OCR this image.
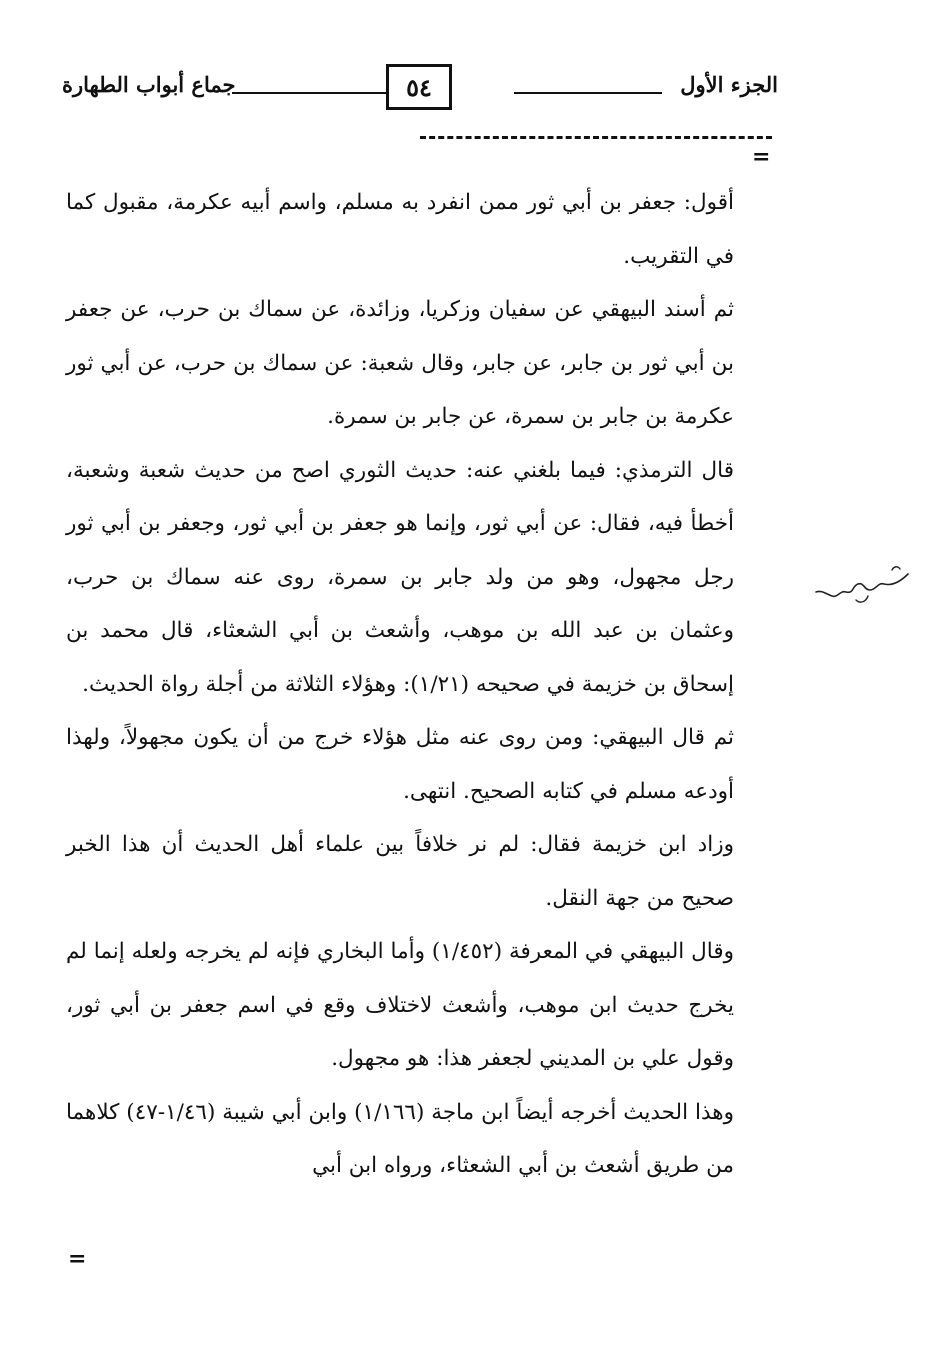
الجزء الأول
٥٤
جماع أبواب الطهارة
=

أقول: جعفر بن أبي ثور ممن انفرد به مسلم، واسم أبيه عكرمة، مقبول كما في التقريب.

ثم أسند البيهقي عن سفيان وزكريا، وزائدة، عن سماك بن حرب، عن جعفر بن أبي ثور بن جابر، عن جابر، وقال شعبة: عن سماك بن حرب، عن أبي ثور عكرمة بن جابر بن سمرة، عن جابر بن سمرة.

قال الترمذي: فيما بلغني عنه: حديث الثوري اصح من حديث شعبة وشعبة، أخطأ فيه، فقال: عن أبي ثور، وإنما هو جعفر بن أبي ثور، وجعفر بن أبي ثور رجل مجهول، وهو من ولد جابر بن سمرة، روى عنه سماك بن حرب، وعثمان بن عبد الله بن موهب، وأشعث بن أبي الشعثاء، قال محمد بن إسحاق بن خزيمة في صحيحه (١/٢١): وهؤلاء الثلاثة من أجلة رواة الحديث.

ثم قال البيهقي: ومن روى عنه مثل هؤلاء خرج من أن يكون مجهولاً، ولهذا أودعه مسلم في كتابه الصحيح. انتهى.

وزاد ابن خزيمة فقال: لم نر خلافاً بين علماء أهل الحديث أن هذا الخبر صحيح من جهة النقل.

وقال البيهقي في المعرفة (١/٤٥٢) وأما البخاري فإنه لم يخرجه ولعله إنما لم يخرج حديث ابن موهب، وأشعث لاختلاف وقع في اسم جعفر بن أبي ثور، وقول علي بن المديني لجعفر هذا: هو مجهول.

وهذا الحديث أخرجه أيضاً ابن ماجة (١/١٦٦) وابن أبي شيبة (١/٤٦-٤٧) كلاهما من طريق أشعث بن أبي الشعثاء، ورواه ابن أبي

=
